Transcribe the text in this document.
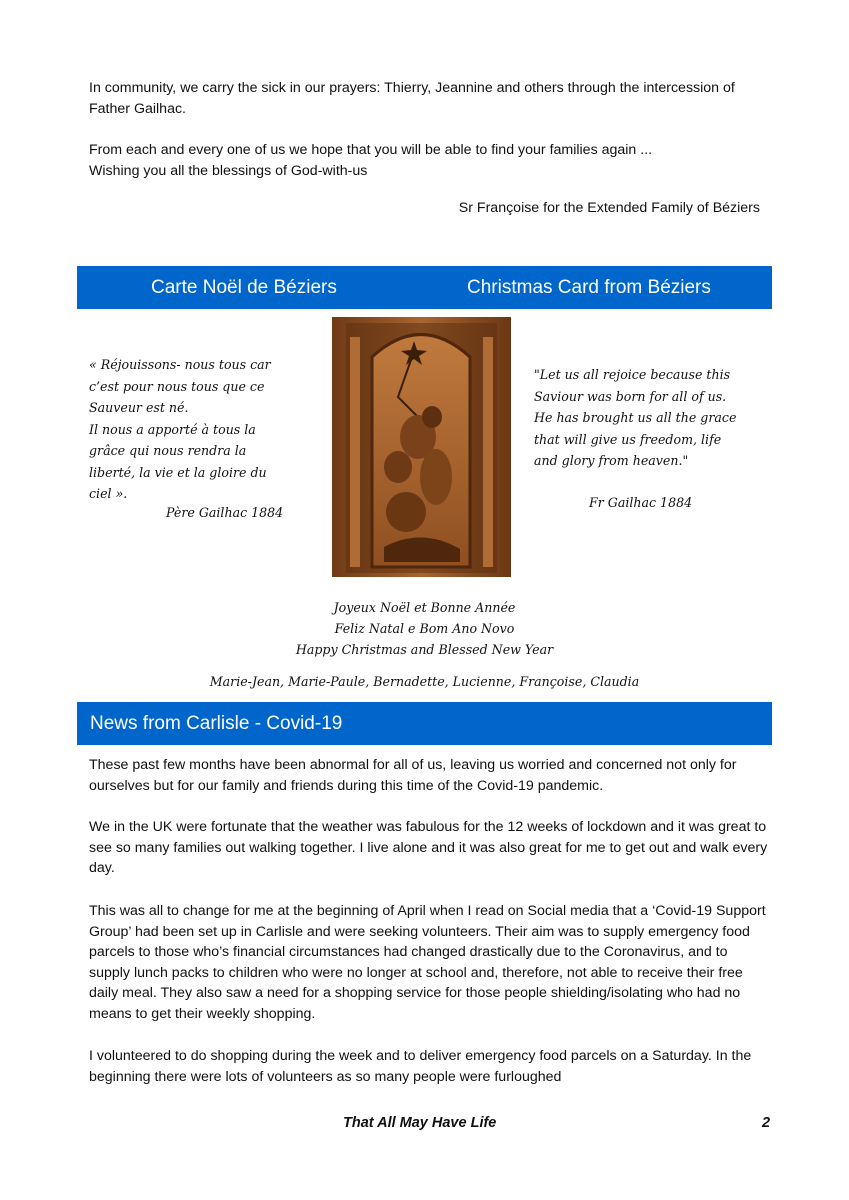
In community, we carry the sick in our prayers: Thierry, Jeannine and others through the intercession of Father Gailhac.

From each and every one of us we hope that you will be able to find your families again ...
Wishing you all the blessings of God-with-us
Sr Françoise for the Extended Family of Béziers
Carte Noël de Béziers	Christmas Card from Béziers
« Réjouissons- nous tous car
c’est pour nous tous que ce
Sauveur est né.
Il nous a apporté à tous la
grâce qui nous rendra la
liberté, la vie et la gloire du
ciel ».
Père Gailhac 1884
"Let us all rejoice because this
Saviour was born for all of us.
He has brought us all the grace
that will give us freedom, life
and glory from heaven."
Fr Gailhac 1884
Joyeux Noël et Bonne Année
Feliz Natal e Bom Ano Novo
Happy Christmas and Blessed New Year
Marie-Jean, Marie-Paule, Bernadette, Lucienne, Françoise, Claudia
News from Carlisle - Covid-19

These past few months have been abnormal for all of us, leaving us worried and concerned not only for ourselves but for our family and friends during this time of the Covid-19 pandemic.

We in the UK were fortunate that the weather was fabulous for the 12 weeks of lockdown and it was great to see so many families out walking together. I live alone and it was also great for me to get out and walk every day.

This was all to change for me at the beginning of April when I read on Social media that a ‘Covid-19 Support Group’ had been set up in Carlisle and were seeking volunteers. Their aim was to supply emergency food parcels to those who’s financial circumstances had changed drastically due to the Coronavirus, and to supply lunch packs to children who were no longer at school and, therefore, not able to receive their free daily meal. They also saw a need for a shopping service for those people shielding/isolating who had no means to get their weekly shopping.

I volunteered to do shopping during the week and to deliver emergency food parcels on a Saturday. In the beginning there were lots of volunteers as so many people were furloughed

That All May Have Life	2
